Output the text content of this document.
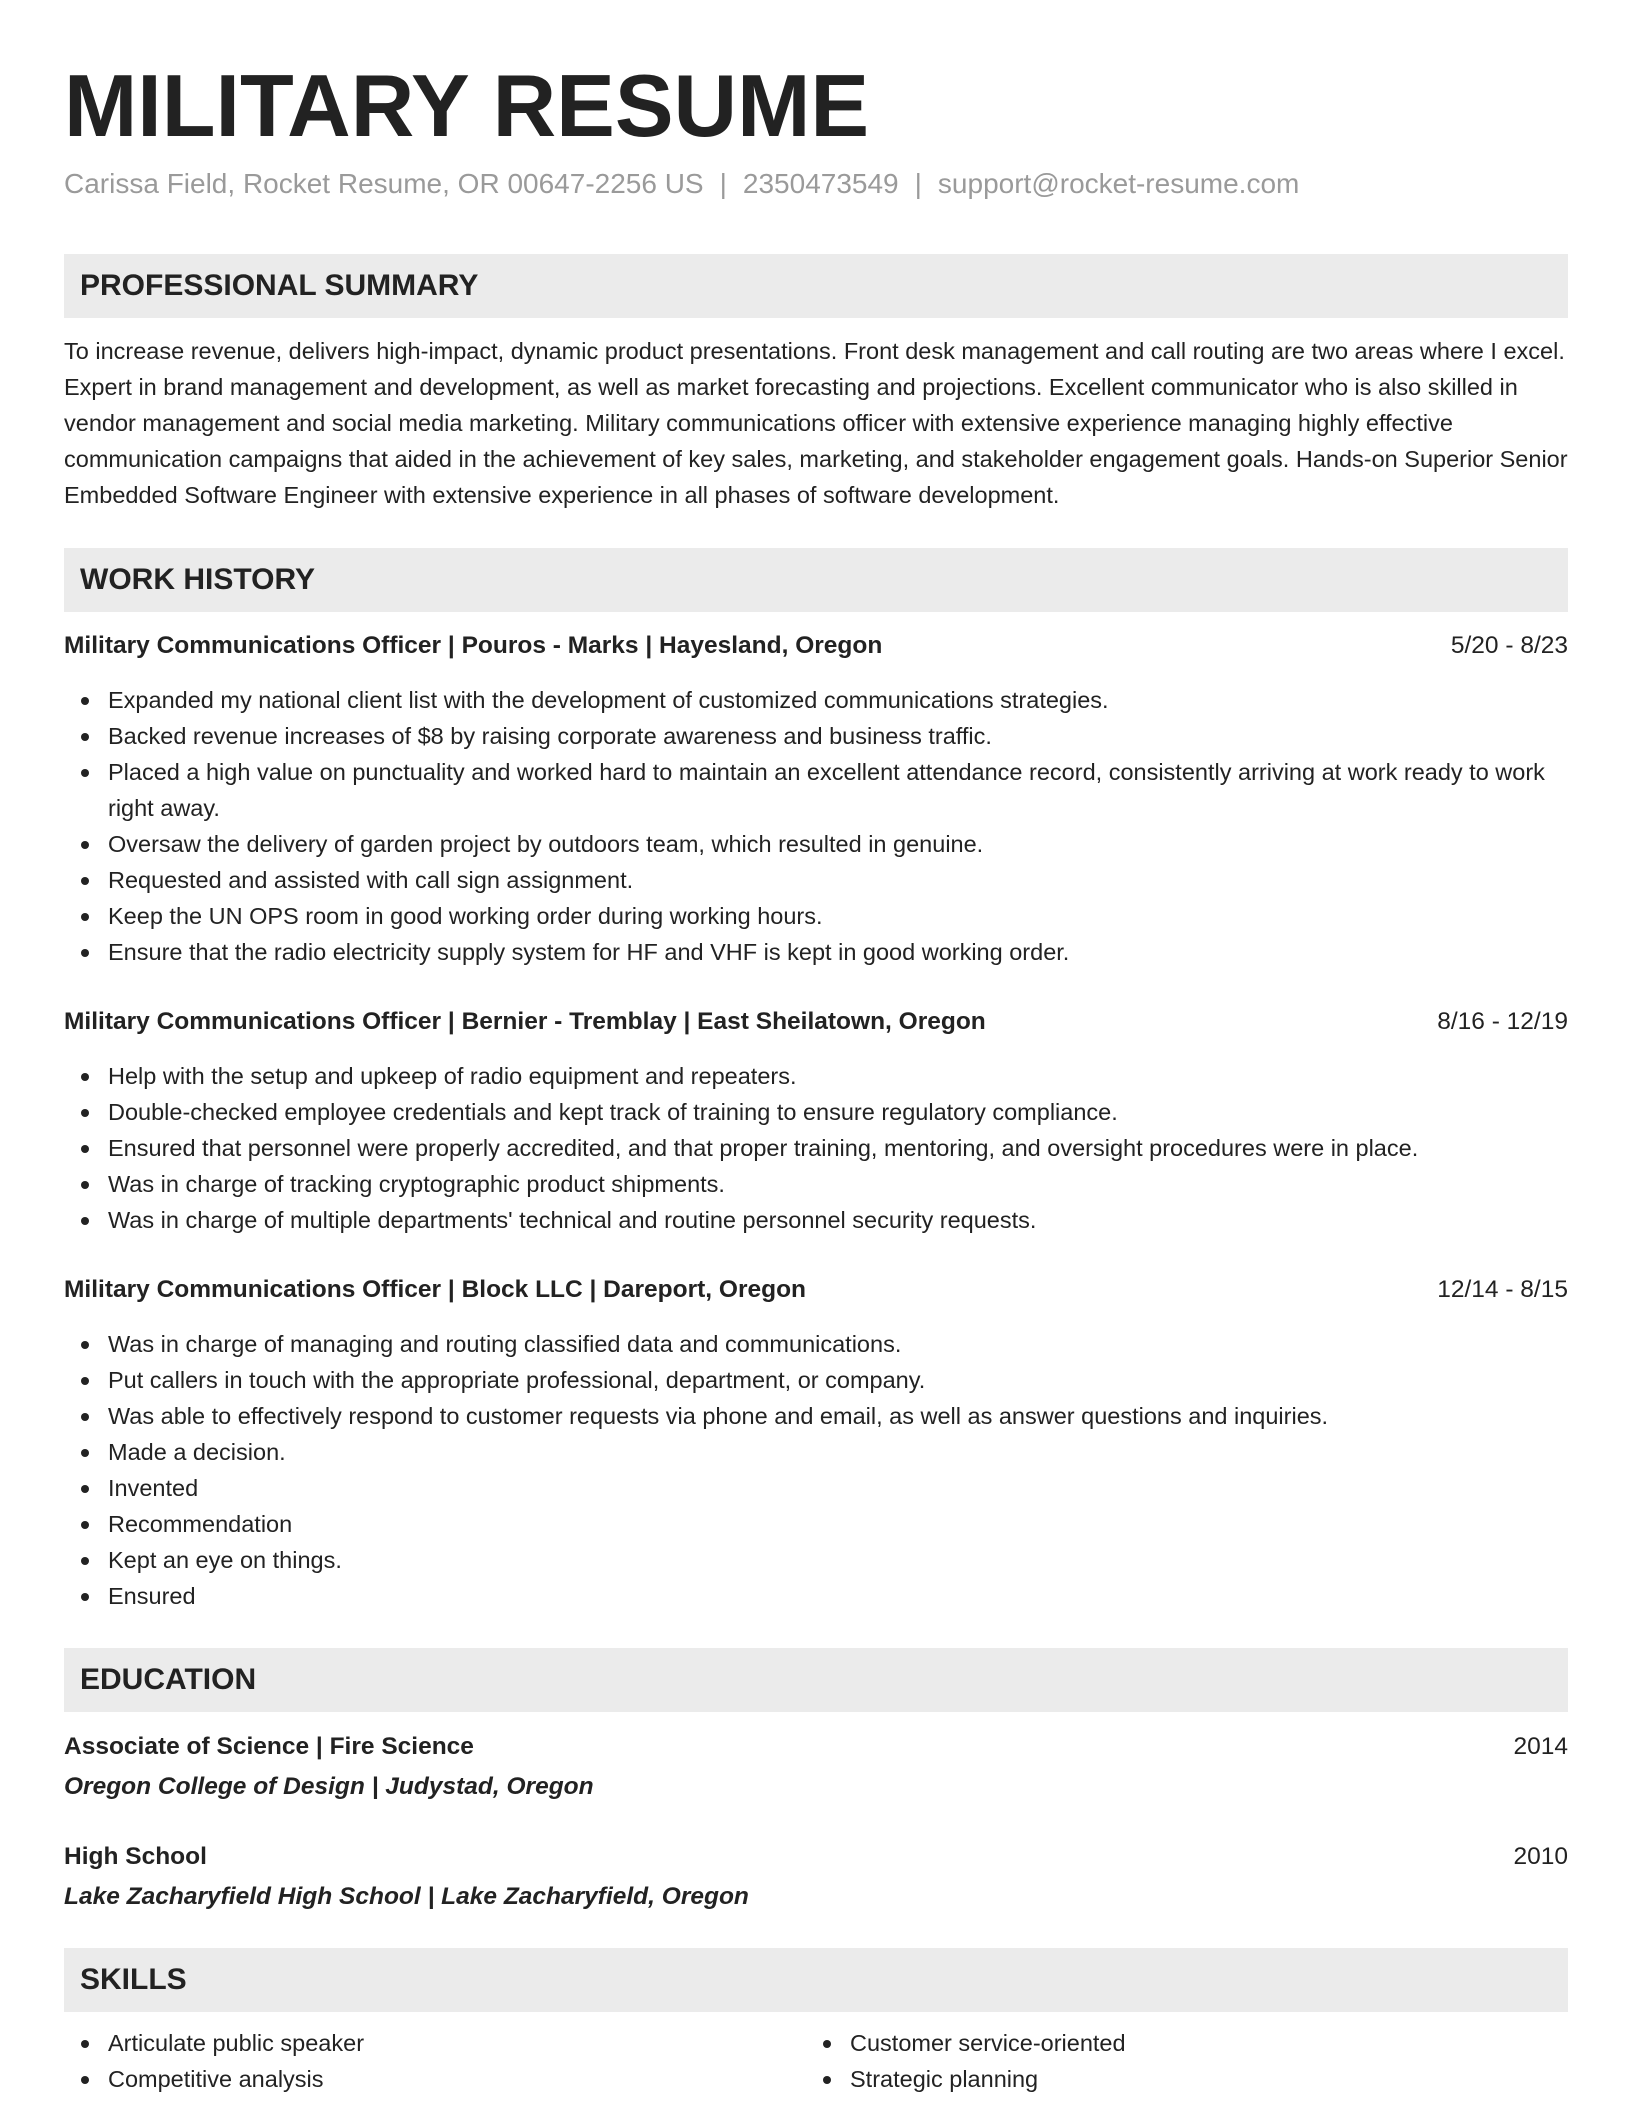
MILITARY RESUME
Carissa Field, Rocket Resume, OR 00647-2256 US | 2350473549 | support@rocket-resume.com
PROFESSIONAL SUMMARY

To increase revenue, delivers high-impact, dynamic product presentations. Front desk management and call routing are two areas where I excel. Expert in brand management and development, as well as market forecasting and projections. Excellent communicator who is also skilled in vendor management and social media marketing. Military communications officer with extensive experience managing highly effective communication campaigns that aided in the achievement of key sales, marketing, and stakeholder engagement goals. Hands-on Superior Senior Embedded Software Engineer with extensive experience in all phases of software development.

WORK HISTORY
Military Communications Officer | Pouros - Marks | Hayesland, Oregon	5/20 - 8/23
Expanded my national client list with the development of customized communications strategies.
Backed revenue increases of $8 by raising corporate awareness and business traffic.
Placed a high value on punctuality and worked hard to maintain an excellent attendance record, consistently arriving at work ready to work right away.
Oversaw the delivery of garden project by outdoors team, which resulted in genuine.
Requested and assisted with call sign assignment.
Keep the UN OPS room in good working order during working hours.
Ensure that the radio electricity supply system for HF and VHF is kept in good working order.
Military Communications Officer | Bernier - Tremblay | East Sheilatown, Oregon	8/16 - 12/19
Help with the setup and upkeep of radio equipment and repeaters.
Double-checked employee credentials and kept track of training to ensure regulatory compliance.
Ensured that personnel were properly accredited, and that proper training, mentoring, and oversight procedures were in place.
Was in charge of tracking cryptographic product shipments.
Was in charge of multiple departments' technical and routine personnel security requests.
Military Communications Officer | Block LLC | Dareport, Oregon	12/14 - 8/15
Was in charge of managing and routing classified data and communications.
Put callers in touch with the appropriate professional, department, or company.
Was able to effectively respond to customer requests via phone and email, as well as answer questions and inquiries.
Made a decision.
Invented
Recommendation
Kept an eye on things.
Ensured
EDUCATION
Associate of Science | Fire Science	2014
Oregon College of Design | Judystad, Oregon
High School	2010
Lake Zacharyfield High School | Lake Zacharyfield, Oregon
SKILLS
Articulate public speaker
Competitive analysis
Customer service-oriented
Strategic planning
